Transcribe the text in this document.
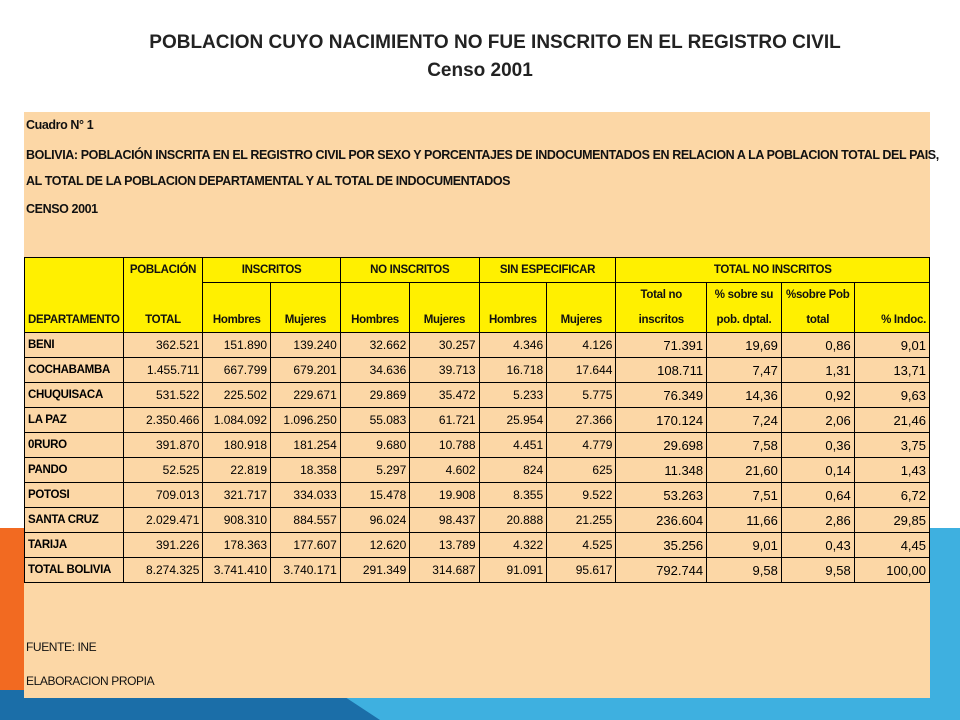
POBLACION CUYO NACIMIENTO NO FUE INSCRITO EN EL REGISTRO CIVIL
Censo 2001
Cuadro N° 1
BOLIVIA: POBLACIÓN INSCRITA EN EL REGISTRO CIVIL POR SEXO Y PORCENTAJES DE INDOCUMENTADOS EN RELACION A LA POBLACION TOTAL DEL PAIS,
AL TOTAL DE LA POBLACION DEPARTAMENTAL Y AL TOTAL DE INDOCUMENTADOS
CENSO 2001
	POBLACIÓN	INSCRITOS		NO INSCRITOS		SIN ESPECIFICAR		TOTAL NO INSCRITOS			
								Total no	% sobre su	%sobre Pob	
DEPARTAMENTO	TOTAL	Hombres	Mujeres	Hombres	Mujeres	Hombres	Mujeres	inscritos	pob. dptal.	total	% Indoc.
BENI	362.521	151.890	139.240	32.662	30.257	4.346	4.126	71.391	19,69	0,86	9,01
COCHABAMBA	1.455.711	667.799	679.201	34.636	39.713	16.718	17.644	108.711	7,47	1,31	13,71
CHUQUISACA	531.522	225.502	229.671	29.869	35.472	5.233	5.775	76.349	14,36	0,92	9,63
LA PAZ	2.350.466	1.084.092	1.096.250	55.083	61.721	25.954	27.366	170.124	7,24	2,06	21,46
0RURO	391.870	180.918	181.254	9.680	10.788	4.451	4.779	29.698	7,58	0,36	3,75
PANDO	52.525	22.819	18.358	5.297	4.602	824	625	11.348	21,60	0,14	1,43
POTOSI	709.013	321.717	334.033	15.478	19.908	8.355	9.522	53.263	7,51	0,64	6,72
SANTA CRUZ	2.029.471	908.310	884.557	96.024	98.437	20.888	21.255	236.604	11,66	2,86	29,85
TARIJA	391.226	178.363	177.607	12.620	13.789	4.322	4.525	35.256	9,01	0,43	4,45
TOTAL BOLIVIA	8.274.325	3.741.410	3.740.171	291.349	314.687	91.091	95.617	792.744	9,58	9,58	100,00
FUENTE: INE
ELABORACION PROPIA
